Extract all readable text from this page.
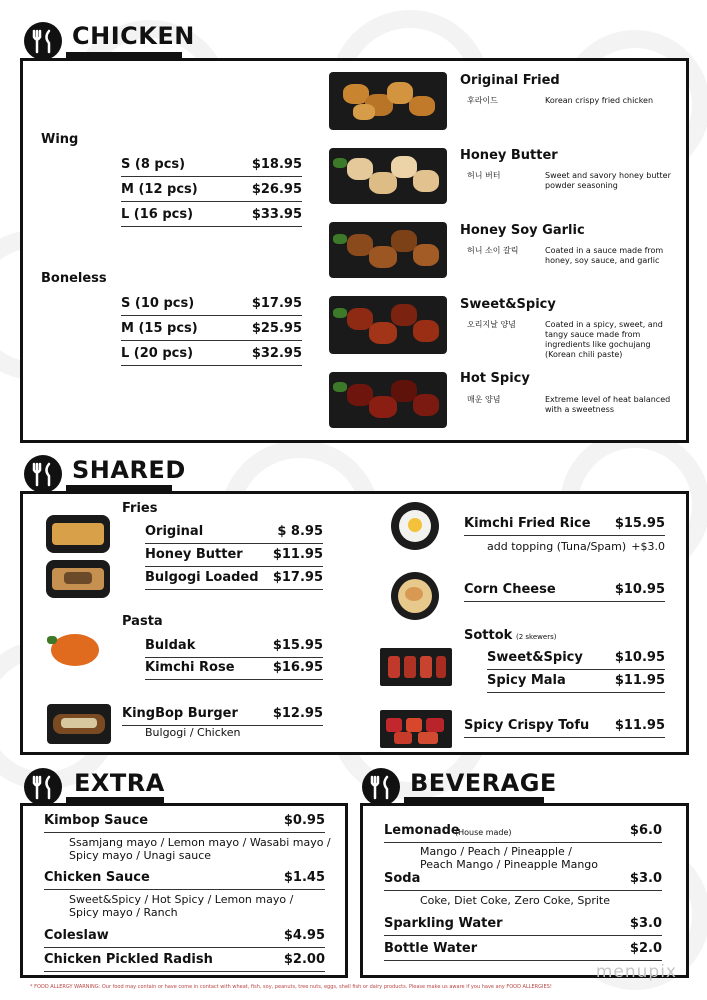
CHICKEN
Wing
S (8 pcs)	$18.95
M (12 pcs)	$26.95
L (16 pcs)	$33.95
Boneless
S (10 pcs)	$17.95
M (15 pcs)	$25.95
L (20 pcs)	$32.95
Original Fried
후라이드	Korean crispy fried chicken
Honey Butter
허니 버터	Sweet and savory honey butter powder seasoning
Honey Soy Garlic
허니 소이 갈릭	Coated in a sauce made from honey, soy sauce, and garlic
Sweet&Spicy
오리지날 양념	Coated in a spicy, sweet, and tangy sauce made from ingredients like gochujang (Korean chili paste)
Hot Spicy
매운 양념	Extreme level of heat balanced with a sweetness
SHARED
Fries
Original	$ 8.95
Honey Butter	$11.95
Bulgogi Loaded	$17.95
Pasta
Buldak	$15.95
Kimchi Rose	$16.95
KingBop Burger	$12.95
Bulgogi / Chicken
Kimchi Fried Rice	$15.95
add topping (Tuna/Spam) +$3.0
Corn Cheese	$10.95
Sottok (2 skewers)
Sweet&Spicy	$10.95
Spicy Mala	$11.95
Spicy Crispy Tofu	$11.95
EXTRA
Kimbop Sauce	$0.95
Ssamjang mayo / Lemon mayo / Wasabi mayo /
Spicy mayo / Unagi sauce
Chicken Sauce	$1.45
Sweet&Spicy / Hot Spicy / Lemon mayo /
Spicy mayo / Ranch
Coleslaw	$4.95
Chicken Pickled Radish	$2.00
BEVERAGE
Lemonade
(House made)	$6.0
Mango / Peach / Pineapple /
Peach Mango / Pineapple Mango
Soda	$3.0
Coke, Diet Coke, Zero Coke, Sprite
Sparkling Water	$3.0
Bottle Water	$2.0
menupix
* FOOD ALLERGY WARNING: Our food may contain or have come in contact with wheat, fish, soy, peanuts, tree nuts, eggs, shell fish or dairy products. Please make us aware if you have any FOOD ALLERGIES!
